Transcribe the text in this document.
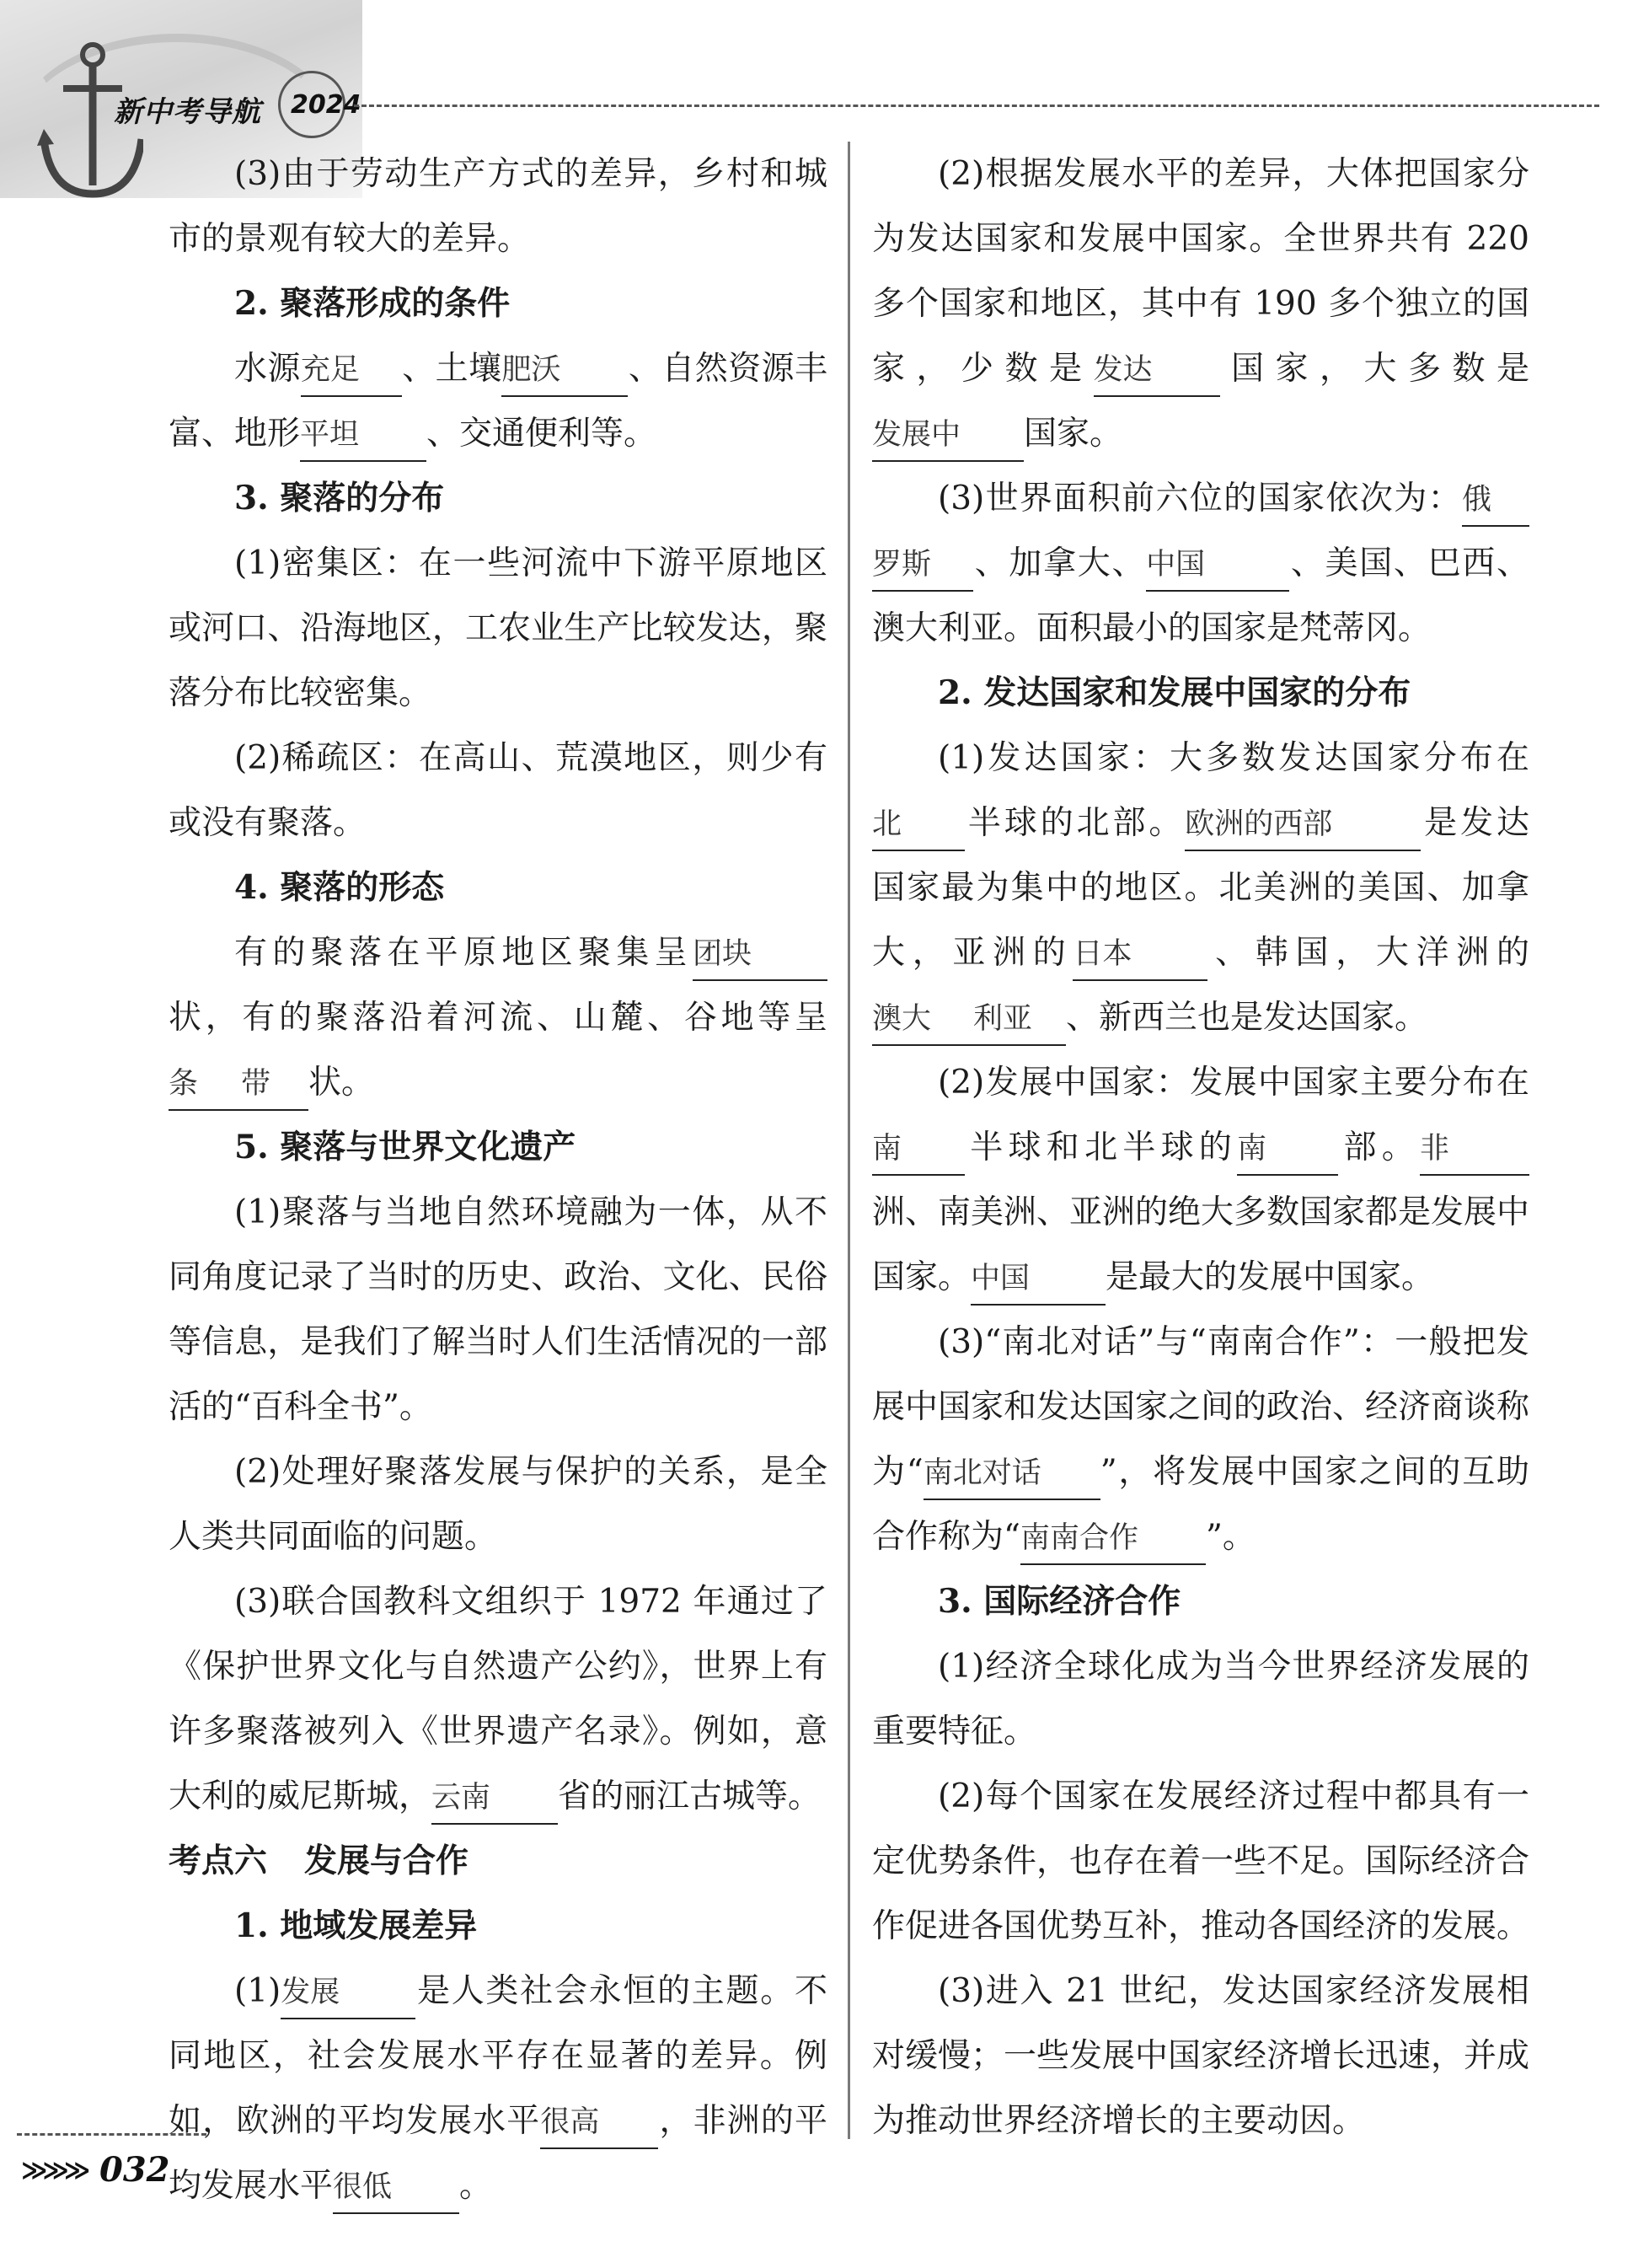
新中考导航 2024

(3)由于劳动生产方式的差异，乡村和城市的景观有较大的差异。

2. 聚落形成的条件

水源充足 、土壤肥沃 、自然资源丰富、地形平坦 、交通便利等。

3. 聚落的分布

(1)密集区：在一些河流中下游平原地区或河口、沿海地区，工农业生产比较发达，聚落分布比较密集。

(2)稀疏区：在高山、荒漠地区，则少有或没有聚落。

4. 聚落的形态

有的聚落在平原地区聚集呈团块状，有的聚落沿着河流、山麓、谷地等呈条 带 状。

5. 聚落与世界文化遗产

(1)聚落与当地自然环境融为一体，从不同角度记录了当时的历史、政治、文化、民俗等信息，是我们了解当时人们生活情况的一部活的“百科全书”。

(2)处理好聚落发展与保护的关系，是全人类共同面临的问题。

(3)联合国教科文组织于 1972 年通过了《保护世界文化与自然遗产公约》，世界上有许多聚落被列入《世界遗产名录》。例如，意大利的威尼斯城，云南 省的丽江古城等。

考点六 发展与合作

1. 地域发展差异

(1)发展 是人类社会永恒的主题。不同地区，社会发展水平存在显著的差异。例如，欧洲的平均发展水平很高 ，非洲的平均发展水平很低 。

(2)根据发展水平的差异，大体把国家分为发达国家和发展中国家。全世界共有 220 多个国家和地区，其中有 190 多个独立的国家，少数是发达 国家，大多数是发展中 国家。

(3)世界面积前六位的国家依次为：俄罗斯 、加拿大、中国	、美国、巴西、澳大利亚。面积最小的国家是梵蒂冈。

2. 发达国家和发展中国家的分布

(1)发达国家：大多数发达国家分布在北 半球的北部。欧洲的西部	是发达国家最为集中的地区。北美洲的美国、加拿大，亚洲的日本 、韩国，大洋洲的澳大 利亚 、新西兰也是发达国家。

(2)发展中国家：发展中国家主要分布在南 半球和北半球的南 部。非洲、南美洲、亚洲的绝大多数国家都是发展中国家。中国 是最大的发展中国家。

(3)“南北对话”与“南南合作”：一般把发展中国家和发达国家之间的政治、经济商谈称为“南北对话 ”，将发展中国家之间的互助合作称为“南南合作 ”。

3. 国际经济合作

(1)经济全球化成为当今世界经济发展的重要特征。

(2)每个国家在发展经济过程中都具有一定优势条件，也存在着一些不足。国际经济合作促进各国优势互补，推动各国经济的发展。

(3)进入 21 世纪，发达国家经济发展相对缓慢；一些发展中国家经济增长迅速，并成为推动世界经济增长的主要动因。

≫≫≫ 032
